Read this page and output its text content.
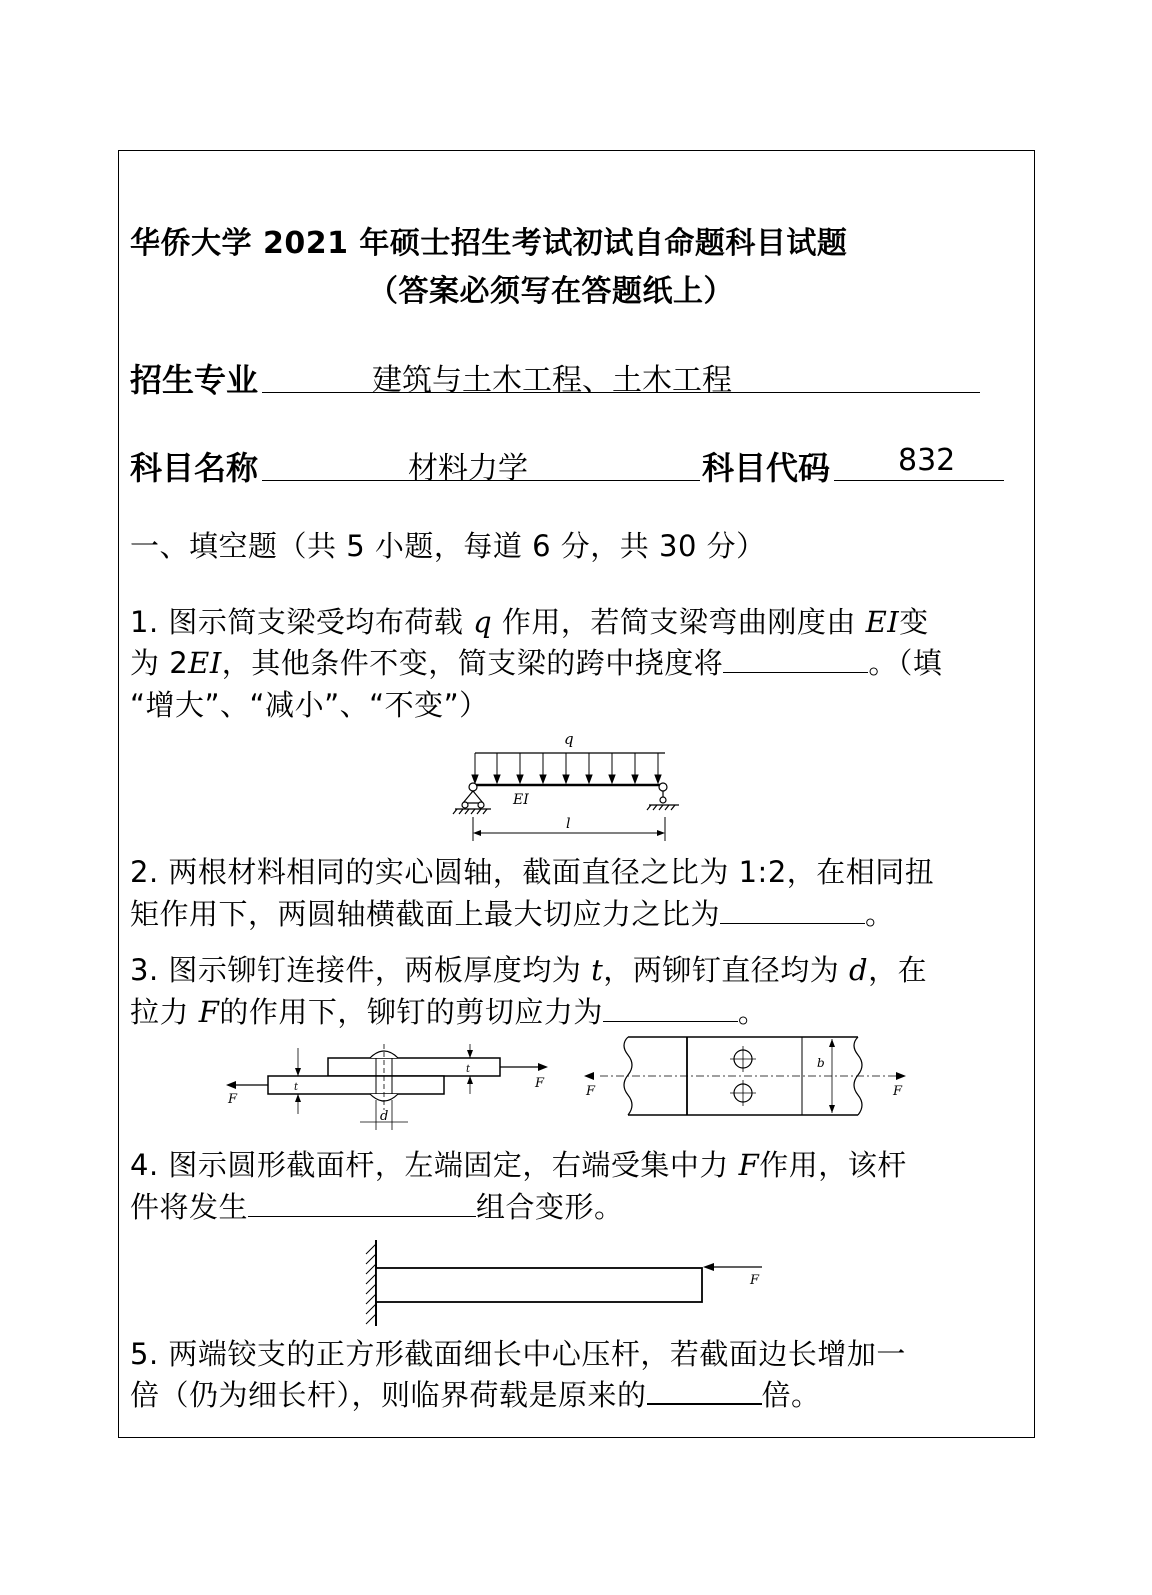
华侨大学 2021 年硕士招生考试初试自命题科目试题
（答案必须写在答题纸上）
招生专业	建筑与土木工程、土木工程
科目名称	材料力学	科目代码 832
一、填空题（共 5 小题，每道 6 分，共 30 分）
1. 图示简支梁受均布荷载 q 作用，若简支梁弯曲刚度由 EI变
为 2EI，其他条件不变，简支梁的跨中挠度将	。（填
“增大”、“减小”、“不变”）
q
EI
l
2. 两根材料相同的实心圆轴，截面直径之比为 1:2，在相同扭
矩作用下，两圆轴横截面上最大切应力之比为	。
3. 图示铆钉连接件，两板厚度均为 t，两铆钉直径均为 d，在
拉力 F的作用下，铆钉的剪切应力为	。
F
F
t
t
d
b
F	F
4. 图示圆形截面杆，左端固定，右端受集中力 F作用，该杆
件将发生	组合变形。
F
5. 两端铰支的正方形截面细长中心压杆，若截面边长增加一
倍（仍为细长杆），则临界荷载是原来的	倍。
